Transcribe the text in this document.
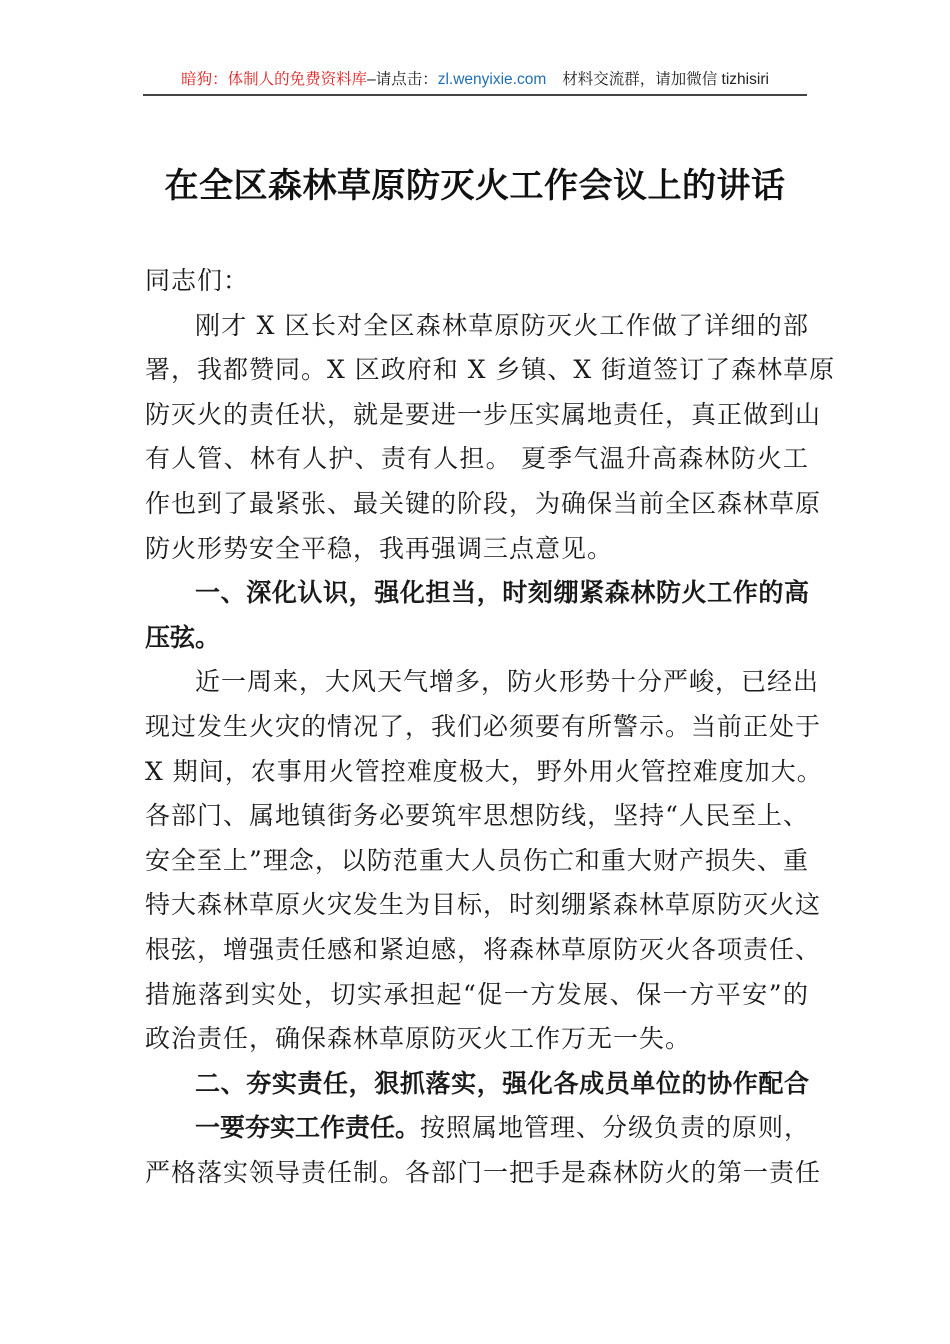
暗狗：体制人的免费资料库–请点击：zl.wenyixie.com 材料交流群，请加微信 tizhisiri
在全区森林草原防灭火工作会议上的讲话
同志们：
刚才 X 区长对全区森林草原防灭火工作做了详细的部
署，我都赞同。X 区政府和 X 乡镇、X 街道签订了森林草原
防灭火的责任状，就是要进一步压实属地责任，真正做到山
有人管、林有人护、责有人担。 夏季气温升高森林防火工
作也到了最紧张、最关键的阶段，为确保当前全区森林草原
防火形势安全平稳，我再强调三点意见。
一、深化认识，强化担当，时刻绷紧森林防火工作的高
压弦。
近一周来，大风天气增多，防火形势十分严峻，已经出
现过发生火灾的情况了，我们必须要有所警示。当前正处于
X 期间，农事用火管控难度极大，野外用火管控难度加大。
各部门、属地镇街务必要筑牢思想防线，坚持“人民至上、
安全至上”理念，以防范重大人员伤亡和重大财产损失、重
特大森林草原火灾发生为目标，时刻绷紧森林草原防灭火这
根弦，增强责任感和紧迫感，将森林草原防灭火各项责任、
措施落到实处，切实承担起“促一方发展、保一方平安”的
政治责任，确保森林草原防灭火工作万无一失。
二、夯实责任，狠抓落实，强化各成员单位的协作配合
一要夯实工作责任。按照属地管理、分级负责的原则，
严格落实领导责任制。各部门一把手是森林防火的第一责任
